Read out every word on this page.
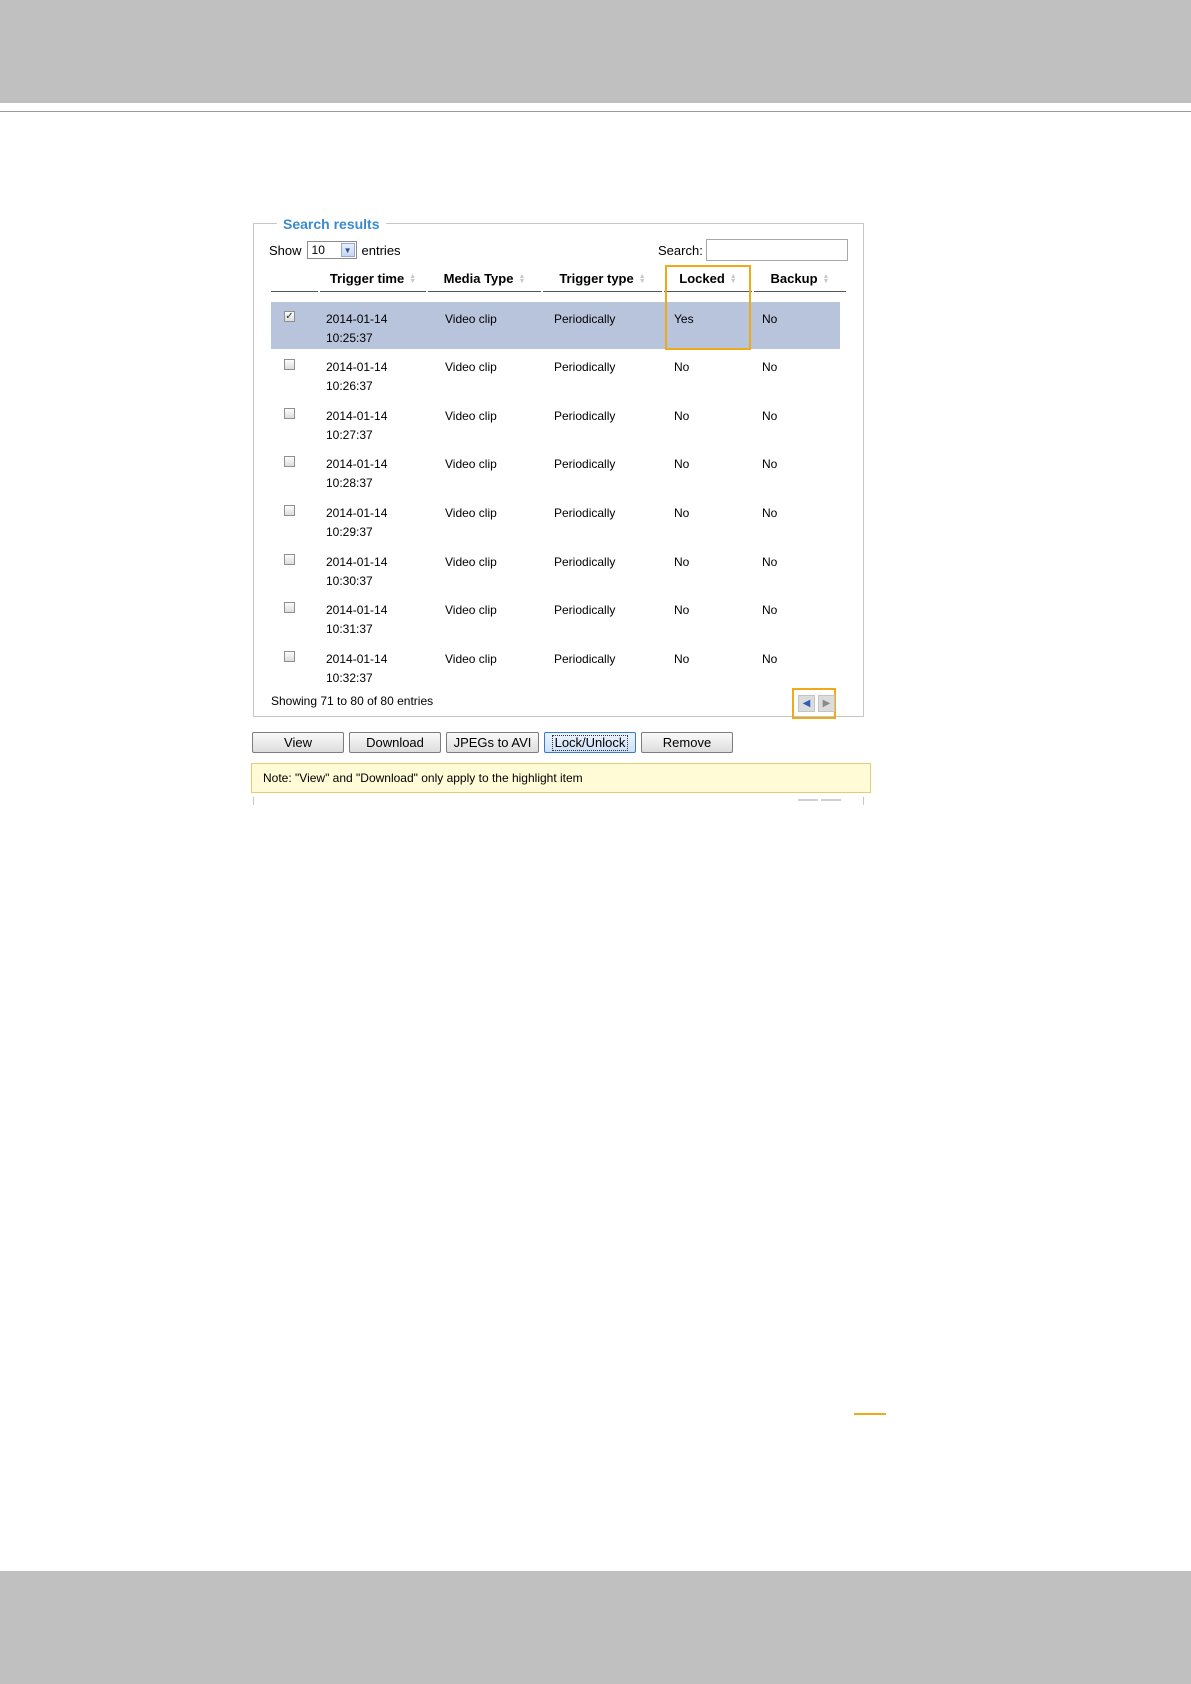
Search results
Show 10	▼ entries	Search:
Trigger time ▲
▼ Media Type ▲
▼	Trigger type ▲
▼	Locked ▲
▼	Backup ▲
▼
✓	2014-01-14
10:25:37
Video clip	Periodically	Yes	No
2014-01-14
10:26:37
Video clip	Periodically	No	No
2014-01-14
10:27:37
Video clip	Periodically	No	No
2014-01-14
10:28:37
Video clip	Periodically	No	No
2014-01-14
10:29:37
Video clip	Periodically	No	No
2014-01-14
10:30:37
Video clip	Periodically	No	No
2014-01-14
10:31:37
Video clip	Periodically	No	No
2014-01-14
10:32:37
Video clip	Periodically	No	No
Showing 71 to 80 of 80 entries	◀	▶
View	Download	JPEGs to AVI	Lock/Unlock	Remove
Note: "View" and "Download" only apply to the highlight item
